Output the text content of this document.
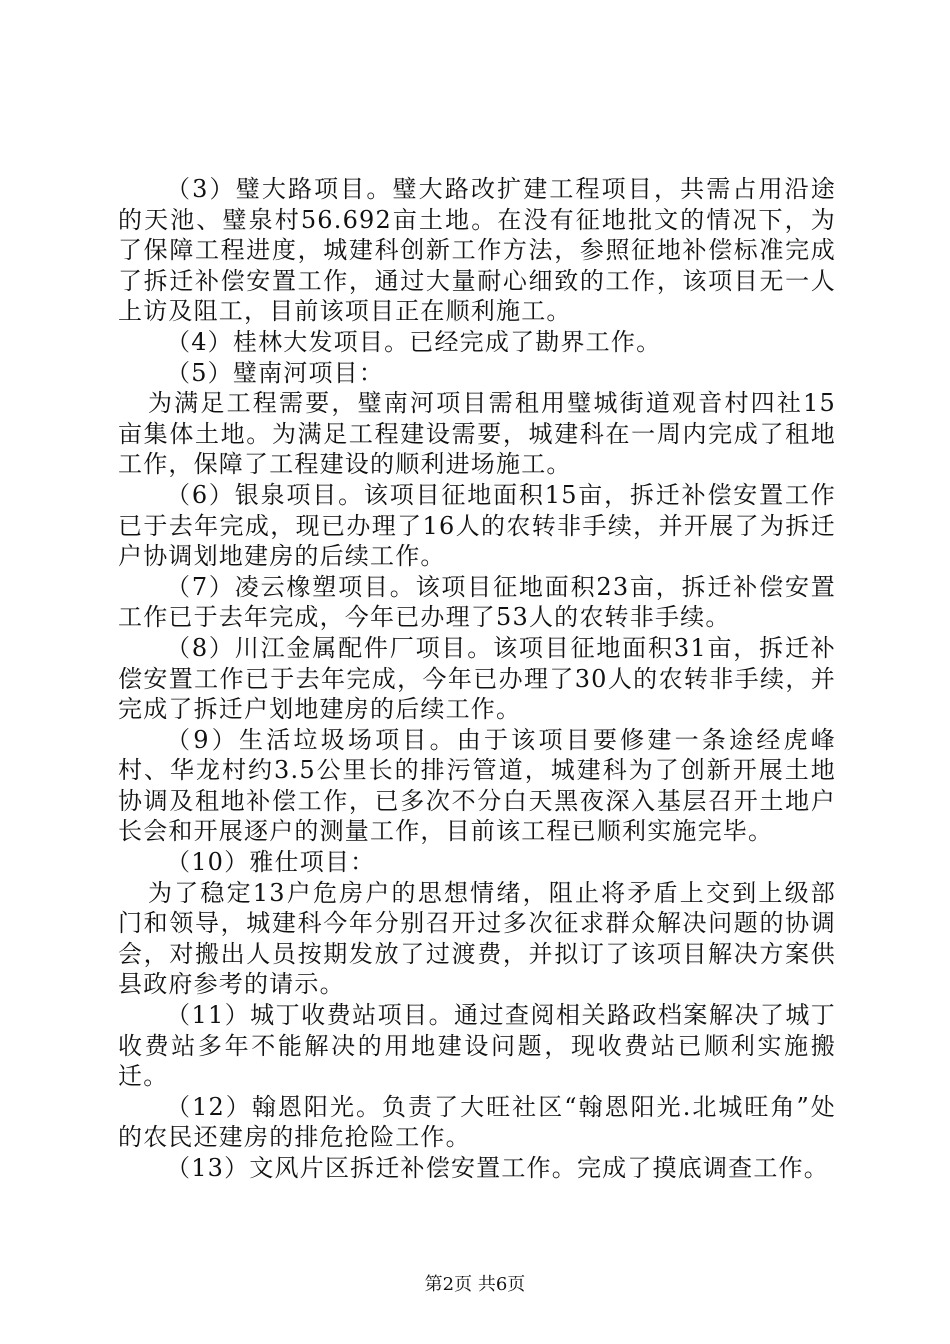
（3）璧大路项目。璧大路改扩建工程项目，共需占用沿途的天池、璧泉村56.692亩土地。在没有征地批文的情况下，为了保障工程进度，城建科创新工作方法，参照征地补偿标准完成了拆迁补偿安置工作，通过大量耐心细致的工作，该项目无一人上访及阻工，目前该项目正在顺利施工。

（4）桂林大发项目。已经完成了勘界工作。

（5）璧南河项目：

为满足工程需要，璧南河项目需租用璧城街道观音村四社15亩集体土地。为满足工程建设需要，城建科在一周内完成了租地工作，保障了工程建设的顺利进场施工。

（6）银泉项目。该项目征地面积15亩，拆迁补偿安置工作已于去年完成，现已办理了16人的农转非手续，并开展了为拆迁户协调划地建房的后续工作。

（7）凌云橡塑项目。该项目征地面积23亩，拆迁补偿安置工作已于去年完成，今年已办理了53人的农转非手续。

（8）川江金属配件厂项目。该项目征地面积31亩，拆迁补偿安置工作已于去年完成，今年已办理了30人的农转非手续，并完成了拆迁户划地建房的后续工作。

（9）生活垃圾场项目。由于该项目要修建一条途经虎峰村、华龙村约3.5公里长的排污管道，城建科为了创新开展土地协调及租地补偿工作，已多次不分白天黑夜深入基层召开土地户长会和开展逐户的测量工作，目前该工程已顺利实施完毕。

（10）雅仕项目：

为了稳定13户危房户的思想情绪，阻止将矛盾上交到上级部门和领导，城建科今年分别召开过多次征求群众解决问题的协调会，对搬出人员按期发放了过渡费，并拟订了该项目解决方案供县政府参考的请示。

（11）城丁收费站项目。通过查阅相关路政档案解决了城丁收费站多年不能解决的用地建设问题，现收费站已顺利实施搬迁。

（12）翰恩阳光。负责了大旺社区“翰恩阳光.北城旺角”处的农民还建房的排危抢险工作。

（13）文风片区拆迁补偿安置工作。完成了摸底调查工作。

第2页 共6页
